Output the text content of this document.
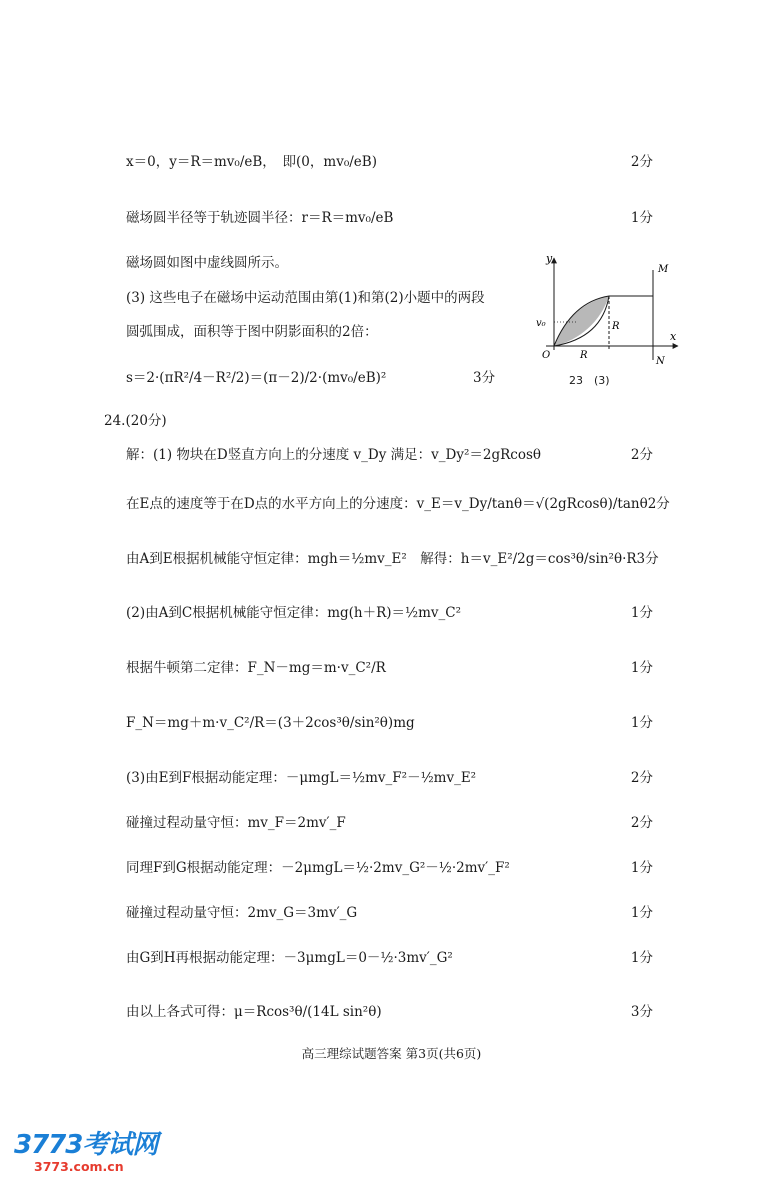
x＝0，y＝R＝mv₀/eB，　即(0，mv₀/eB)	2分
磁场圆半径等于轨迹圆半径：r＝R＝mv₀/eB	1分
磁场圆如图中虚线圆所示。
(3) 这些电子在磁场中运动范围由第(1)和第(2)小题中的两段
圆弧围成，面积等于图中阴影面积的2倍：
s＝2·(πR²/4－R²/2)＝(π－2)/2·(mv₀/eB)²	3分
y
x
M
N
O
v₀	R
R
23　(3)
24.(20分)
解：(1) 物块在D竖直方向上的分速度 v_Dy 满足：v_Dy²＝2gRcosθ	2分
在E点的速度等于在D点的水平方向上的分速度：v_E＝v_Dy/tanθ＝√(2gRcosθ)/tanθ 2分
由A到E根据机械能守恒定律：mgh＝½mv_E²　解得：h＝v_E²/2g＝cos³θ/sin²θ·R 3分
(2)由A到C根据机械能守恒定律：mg(h＋R)＝½mv_C²	1分
根据牛顿第二定律：F_N－mg＝m·v_C²/R	1分
F_N＝mg＋m·v_C²/R＝(3＋2cos³θ/sin²θ)mg	1分
(3)由E到F根据动能定理：－μmgL＝½mv_F²－½mv_E²	2分
碰撞过程动量守恒：mv_F＝2mv′_F	2分
同理F到G根据动能定理：－2μmgL＝½·2mv_G²－½·2mv′_F²	1分
碰撞过程动量守恒：2mv_G＝3mv′_G	1分
由G到H再根据动能定理：－3μmgL＝0－½·3mv′_G²	1分
由以上各式可得：μ＝Rcos³θ/(14L sin²θ)	3分
高三理综试题答案 第3页(共6页)
3773考试网
3773.com.cn
